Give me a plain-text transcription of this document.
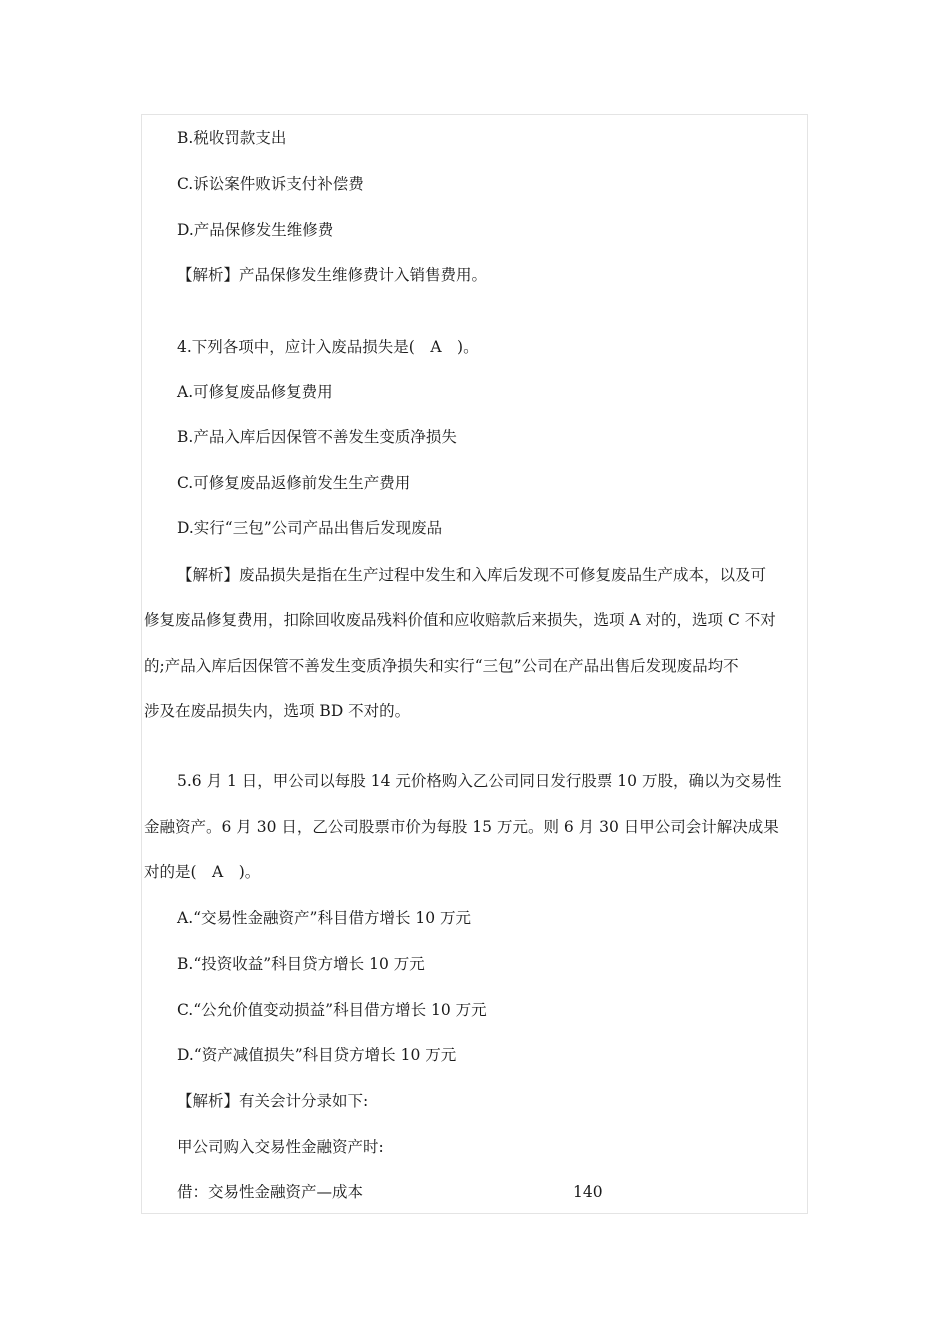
B.税收罚款支出
C.诉讼案件败诉支付补偿费
D.产品保修发生维修费
【解析】产品保修发生维修费计入销售费用。
4.下列各项中，应计入废品损失是(　A　)。
A.可修复废品修复费用
B.产品入库后因保管不善发生变质净损失
C.可修复废品返修前发生生产费用
D.实行“三包”公司产品出售后发现废品
【解析】废品损失是指在生产过程中发生和入库后发现不可修复废品生产成本，以及可
修复废品修复费用，扣除回收废品残料价值和应收赔款后来损失，选项 A 对的，选项 C 不对
的;产品入库后因保管不善发生变质净损失和实行“三包”公司在产品出售后发现废品均不
涉及在废品损失内，选项 BD 不对的。
5.6 月 1 日，甲公司以每股 14 元价格购入乙公司同日发行股票 10 万股，确以为交易性
金融资产。6 月 30 日，乙公司股票市价为每股 15 万元。则 6 月 30 日甲公司会计解决成果
对的是(　A　)。
A.“交易性金融资产”科目借方增长 10 万元
B.“投资收益”科目贷方增长 10 万元
C.“公允价值变动损益”科目借方增长 10 万元
D.“资产减值损失”科目贷方增长 10 万元
【解析】有关会计分录如下:
甲公司购入交易性金融资产时:
借：交易性金融资产—成本	140
